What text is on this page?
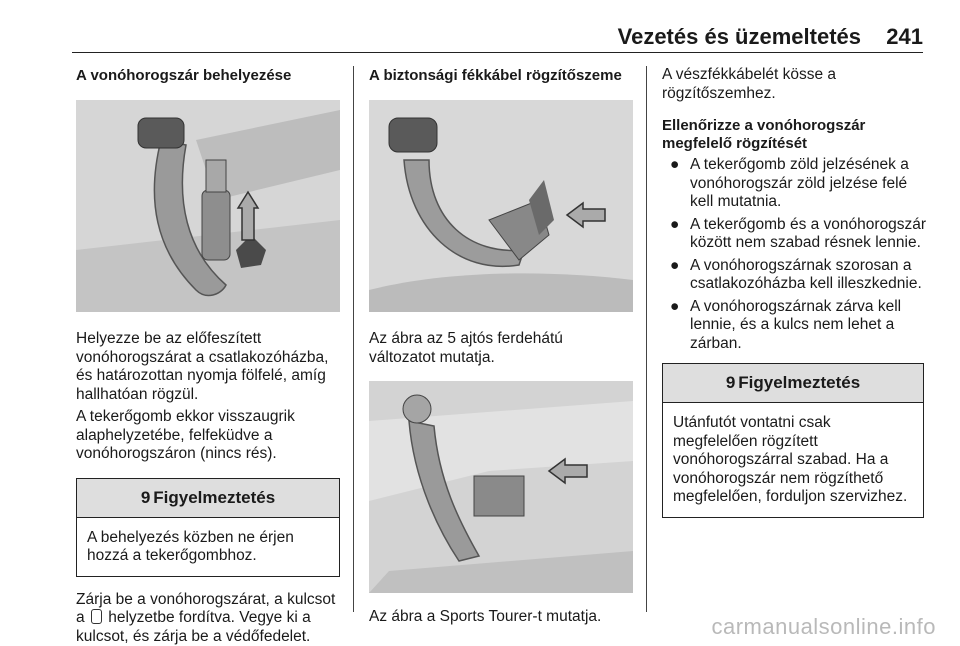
Vezetés és üzemeltetés 241
A vonóhorogszár behelyezése

Helyezze be az előfeszített vonóhorogszárat a csatlakozóházba, és határozottan nyomja fölfelé, amíg hallhatóan rögzül.

A tekerőgomb ekkor visszaugrik alaphelyzetébe, felfeküdve a vonóhorogszáron (nincs rés).

9 Figyelmeztetés
A behelyezés közben ne érjen hozzá a tekerőgombhoz.

Zárja be a vonóhorogszárat, a kulcsot a helyzetbe fordítva. Vegye ki a kulcsot, és zárja be a védőfedelet.

A biztonsági fékkábel rögzítőszeme

Az ábra az 5 ajtós ferdehátú változatot mutatja.

Az ábra a Sports Tourer-t mutatja.

A vészfékkábelét kösse a rögzítőszemhez.

Ellenőrizze a vonóhorogszár megfelelő rögzítését
● A tekerőgomb zöld jelzésének a vonóhorogszár zöld jelzése felé kell mutatnia.
● A tekerőgomb és a vonóhorogszár között nem szabad résnek lennie.
● A vonóhorogszárnak szorosan a csatlakozóházba kell illeszkednie.
● A vonóhorogszárnak zárva kell lennie, és a kulcs nem lehet a zárban.
9 Figyelmeztetés
Utánfutót vontatni csak megfelelően rögzített vonóhorogszárral szabad. Ha a vonóhorogszár nem rögzíthető megfelelően, forduljon szervizhez.
carmanualsonline.info
